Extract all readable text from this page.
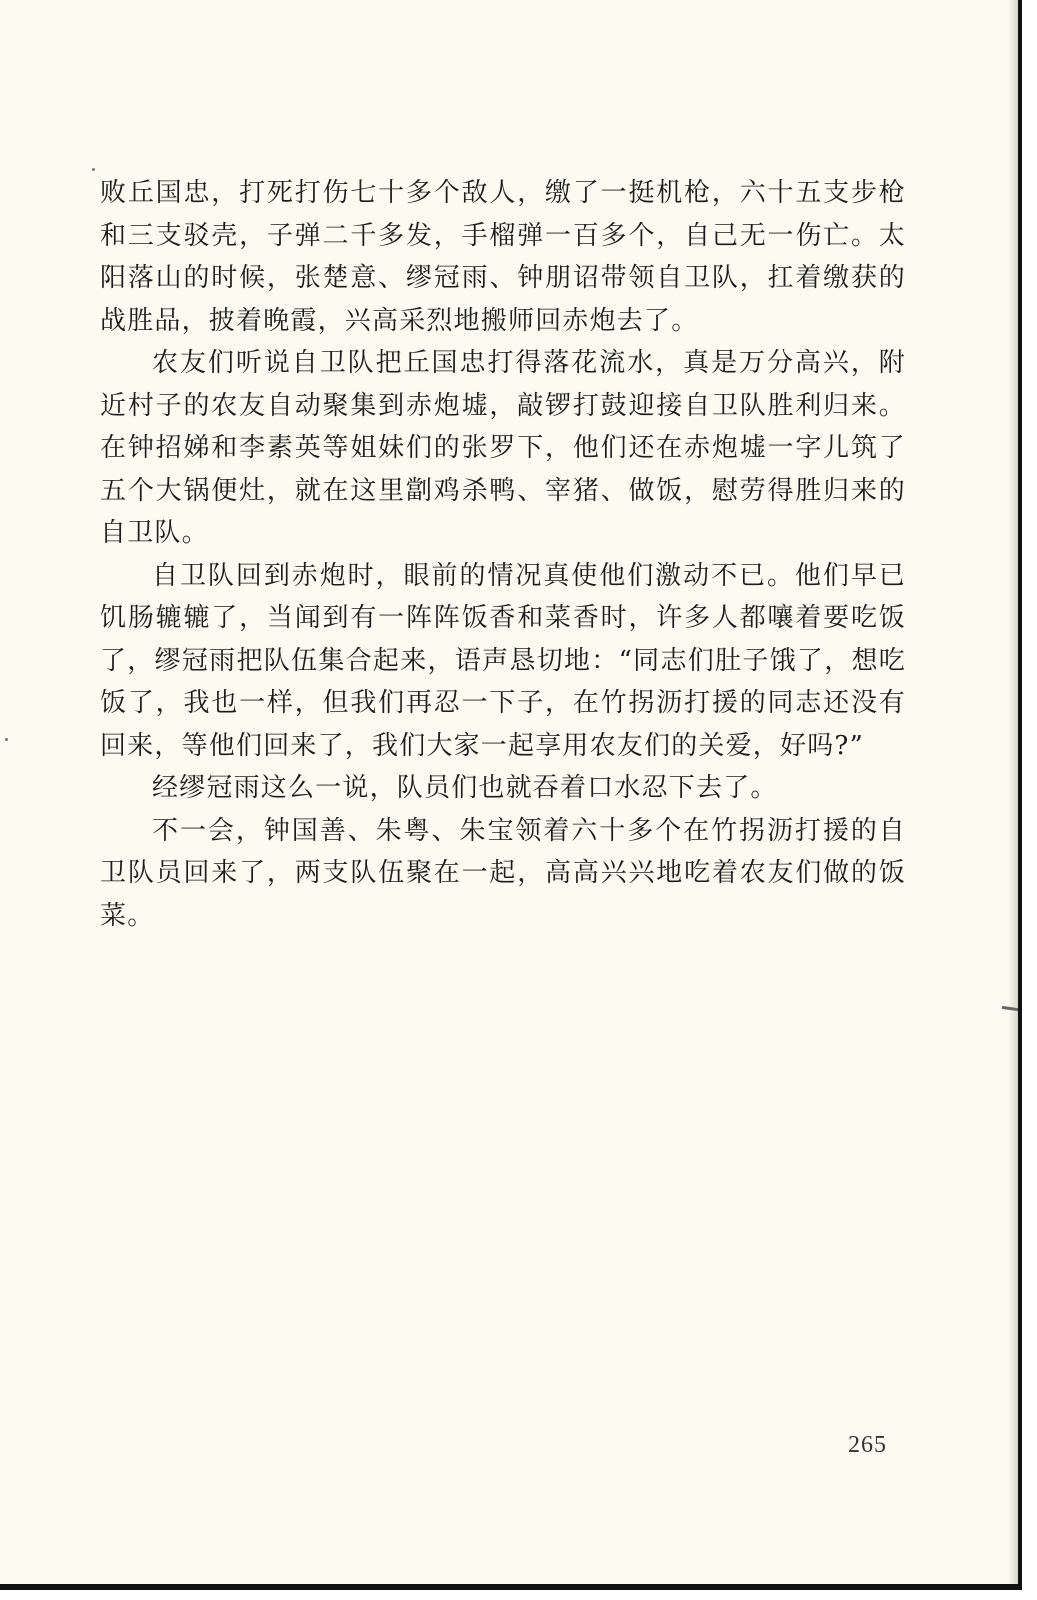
败丘国忠，打死打伤七十多个敌人，缴了一挺机枪，六十五支步枪和三支驳壳，子弹二千多发，手榴弹一百多个，自己无一伤亡。太阳落山的时候，张楚意、缪冠雨、钟朋诏带领自卫队，扛着缴获的战胜品，披着晚霞，兴高采烈地搬师回赤炮去了。

农友们听说自卫队把丘国忠打得落花流水，真是万分高兴，附近村子的农友自动聚集到赤炮墟，敲锣打鼓迎接自卫队胜利归来。在钟招娣和李素英等姐妹们的张罗下，他们还在赤炮墟一字儿筑了五个大锅便灶，就在这里劏鸡杀鸭、宰猪、做饭，慰劳得胜归来的自卫队。

自卫队回到赤炮时，眼前的情况真使他们激动不已。他们早已饥肠辘辘了，当闻到有一阵阵饭香和菜香时，许多人都嚷着要吃饭了，缪冠雨把队伍集合起来，语声恳切地：“同志们肚子饿了，想吃饭了，我也一样，但我们再忍一下子，在竹拐沥打援的同志还没有回来，等他们回来了，我们大家一起享用农友们的关爱，好吗?”

经缪冠雨这么一说，队员们也就吞着口水忍下去了。

不一会，钟国善、朱粤、朱宝领着六十多个在竹拐沥打援的自卫队员回来了，两支队伍聚在一起，高高兴兴地吃着农友们做的饭菜。

265
